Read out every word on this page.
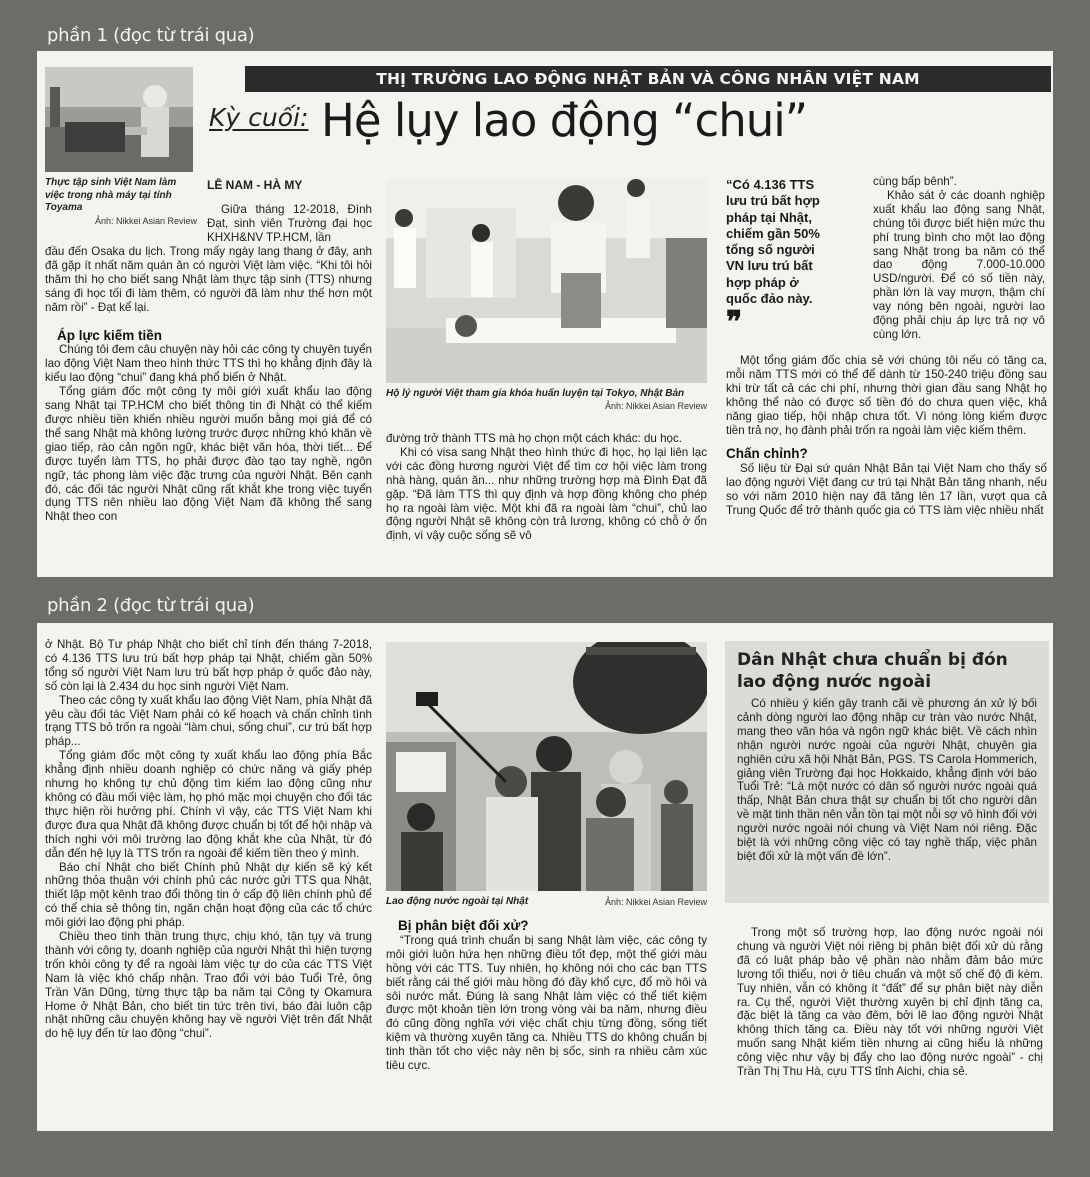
phần 1 (đọc từ trái qua)
THỊ TRƯỜNG LAO ĐỘNG NHẬT BẢN VÀ CÔNG NHÂN VIỆT NAM
Kỳ cuối: Hệ lụy lao động “chui”
Thực tập sinh Việt Nam làm việc trong nhà máy tại tỉnh Toyama

Ảnh: Nikkei Asian Review
LÊ NAM - HÀ MY

Giữa tháng 12-2018, Đình Đạt, sinh viên Trường đại học KHXH&NV TP.HCM, lần

đầu đến Osaka du lịch. Trong mấy ngày lang thang ở đây, anh đã gặp ít nhất năm quán ăn có người Việt làm việc. “Khi tôi hỏi thăm thì họ cho biết sang Nhật làm thực tập sinh (TTS) nhưng sáng đi học tối đi làm thêm, có người đã làm như thế hơn một năm rồi” - Đạt kể lại.

Áp lực kiếm tiền

Chúng tôi đem câu chuyện này hỏi các công ty chuyên tuyển lao động Việt Nam theo hình thức TTS thì họ khẳng định đây là kiểu lao động “chui” đang khá phổ biến ở Nhật.

Tổng giám đốc một công ty môi giới xuất khẩu lao động sang Nhật tại TP.HCM cho biết thông tin đi Nhật có thể kiếm được nhiều tiền khiến nhiều người muốn bằng mọi giá để có thể sang Nhật mà không lường trước được những khó khăn về giao tiếp, rào cản ngôn ngữ, khác biệt văn hóa, thời tiết... Để được tuyển làm TTS, họ phải được đào tạo tay nghề, ngôn ngữ, tác phong làm việc đặc trưng của người Nhật. Bên cạnh đó, các đối tác người Nhật cũng rất khắt khe trong việc tuyển dụng TTS nên nhiều lao động Việt Nam đã không thể sang Nhật theo con

Hộ lý người Việt tham gia khóa huấn luyện tại Tokyo, Nhật Bản
Ảnh: Nikkei Asian Review

đường trở thành TTS mà họ chọn một cách khác: du học.

Khi có visa sang Nhật theo hình thức đi học, họ lại liên lạc với các đồng hương người Việt để tìm cơ hội việc làm trong nhà hàng, quán ăn... như những trường hợp mà Đình Đạt đã gặp. “Đã làm TTS thì quy định và hợp đồng không cho phép họ ra ngoài làm việc. Một khi đã ra ngoài làm “chui”, chủ lao động người Nhật sẽ không còn trả lương, không có chỗ ở ổn định, vì vậy cuộc sống sẽ vô

“Có 4.136 TTS lưu trú bất hợp pháp tại Nhật, chiếm gần 50% tổng số người VN lưu trú bất hợp pháp ở quốc đảo này.
❞

cùng bấp bênh”.

Khảo sát ở các doanh nghiệp xuất khẩu lao động sang Nhật, chúng tôi được biết hiện mức thu phí trung bình cho một lao động sang Nhật trong ba năm có thể dao động 7.000-10.000 USD/người. Để có số tiền này, phần lớn là vay mượn, thậm chí vay nóng bên ngoài, người lao động phải chịu áp lực trả nợ vô cùng lớn.

Một tổng giám đốc chia sẻ với chúng tôi nếu có tăng ca, mỗi năm TTS mới có thể để dành từ 150-240 triệu đồng sau khi trừ tất cả các chi phí, nhưng thời gian đầu sang Nhật họ không thể nào có được số tiền đó do chưa quen việc, khả năng giao tiếp, hội nhập chưa tốt. Vì nóng lòng kiếm được tiền trả nợ, họ đành phải trốn ra ngoài làm việc kiếm thêm.

Chấn chỉnh?

Số liệu từ Đại sứ quán Nhật Bản tại Việt Nam cho thấy số lao động người Việt đang cư trú tại Nhật Bản tăng nhanh, nếu so với năm 2010 hiện nay đã tăng lên 17 lần, vượt qua cả Trung Quốc để trở thành quốc gia có TTS làm việc nhiều nhất

phần 2 (đọc từ trái qua)

ở Nhật. Bộ Tư pháp Nhật cho biết chỉ tính đến tháng 7-2018, có 4.136 TTS lưu trú bất hợp pháp tại Nhật, chiếm gần 50% tổng số người Việt Nam lưu trú bất hợp pháp ở quốc đảo này, số còn lại là 2.434 du học sinh người Việt Nam.

Theo các công ty xuất khẩu lao động Việt Nam, phía Nhật đã yêu cầu đối tác Việt Nam phải có kế hoạch và chấn chỉnh tình trạng TTS bỏ trốn ra ngoài “làm chui, sống chui”, cư trú bất hợp pháp...

Tổng giám đốc một công ty xuất khẩu lao động phía Bắc khẳng định nhiều doanh nghiệp có chức năng và giấy phép nhưng họ không tự chủ động tìm kiếm lao động cũng như không có đầu mối việc làm, họ phó mặc mọi chuyện cho đối tác thực hiện rồi hưởng phí. Chính vì vậy, các TTS Việt Nam khi được đưa qua Nhật đã không được chuẩn bị tốt để hội nhập và thích nghi với môi trường lao động khắt khe của Nhật, từ đó dẫn đến hệ lụy là TTS trốn ra ngoài để kiếm tiền theo ý mình.

Báo chí Nhật cho biết Chính phủ Nhật dự kiến sẽ ký kết những thỏa thuận với chính phủ các nước gửi TTS qua Nhật, thiết lập một kênh trao đổi thông tin ở cấp độ liên chính phủ để có thể chia sẻ thông tin, ngăn chặn hoạt động của các tổ chức môi giới lao động phi pháp.

Chiều theo tinh thần trung thực, chịu khó, tận tụy và trung thành với công ty, doanh nghiệp của người Nhật thì hiện tượng trốn khỏi công ty để ra ngoài làm việc tự do của các TTS Việt Nam là việc khó chấp nhận. Trao đổi với báo Tuổi Trẻ, ông Trần Văn Dũng, từng thực tập ba năm tại Công ty Okamura Home ở Nhật Bản, cho biết tin tức trên tivi, báo đài luôn cập nhật những câu chuyện không hay về người Việt trên đất Nhật do hệ lụy đến từ lao động “chui”.

Lao động nước ngoài tại Nhật	Ảnh: Nikkei Asian Review
Bị phân biệt đối xử?

“Trong quá trình chuẩn bị sang Nhật làm việc, các công ty môi giới luôn hứa hẹn những điều tốt đẹp, một thế giới màu hồng với các TTS. Tuy nhiên, họ không nói cho các bạn TTS biết rằng cái thế giới màu hồng đó đầy khổ cực, đổ mồ hôi và sôi nước mắt. Đúng là sang Nhật làm việc có thể tiết kiệm được một khoản tiền lớn trong vòng vài ba năm, nhưng điều đó cũng đồng nghĩa với việc chất chịu từng đồng, sống tiết kiệm và thường xuyên tăng ca. Nhiều TTS do không chuẩn bị tinh thần tốt cho việc này nên bị sốc, sinh ra nhiều cảm xúc tiêu cực.

Dân Nhật chưa chuẩn bị đón lao động nước ngoài

Có nhiều ý kiến gây tranh cãi về phương án xử lý bối cảnh dòng người lao động nhập cư tràn vào nước Nhật, mang theo văn hóa và ngôn ngữ khác biệt. Về cách nhìn nhận người nước ngoài của người Nhật, chuyên gia nghiên cứu xã hội Nhật Bản, PGS. TS Carola Hommerich, giảng viên Trường đại học Hokkaido, khẳng định với báo Tuổi Trẻ: “Là một nước có dân số người nước ngoài quá thấp, Nhật Bản chưa thật sự chuẩn bị tốt cho người dân về mặt tinh thần nên vẫn tồn tại một nỗi sợ vô hình đối với người nước ngoài nói chung và Việt Nam nói riêng. Đặc biệt là với những công việc có tay nghề thấp, việc phân biệt đối xử là một vấn đề lớn”.

Trong một số trường hợp, lao động nước ngoài nói chung và người Việt nói riêng bị phân biệt đối xử dù rằng đã có luật pháp bảo vệ phần nào nhằm đảm bảo mức lương tối thiểu, nơi ở tiêu chuẩn và một số chế độ đi kèm. Tuy nhiên, vẫn có không ít “đất” để sự phân biệt này diễn ra. Cụ thể, người Việt thường xuyên bị chỉ định tăng ca, đặc biệt là tăng ca vào đêm, bởi lẽ lao động người Nhật không thích tăng ca. Điều này tốt với những người Việt muốn sang Nhật kiếm tiền nhưng ai cũng hiểu là những công việc như vậy bị đẩy cho lao động nước ngoài” - chị Trần Thị Thu Hà, cựu TTS tỉnh Aichi, chia sẻ.
